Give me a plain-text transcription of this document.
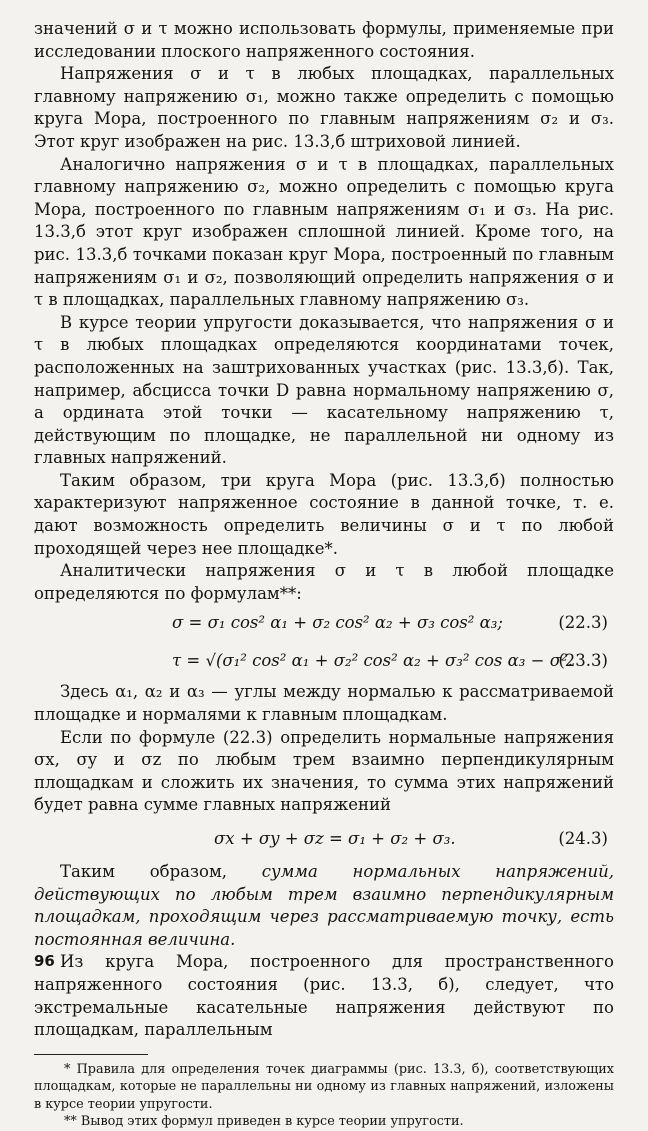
значений σ и τ можно использовать формулы, применяемые при исследовании плоского напряженного состояния.

Напряжения σ и τ в любых площадках, параллельных главному напряжению σ₁, можно также определить с помощью круга Мора, построенного по главным напряжениям σ₂ и σ₃. Этот круг изображен на рис. 13.3,б штриховой линией.

Аналогично напряжения σ и τ в площадках, параллельных главному напряжению σ₂, можно определить с помощью круга Мора, построенного по главным напряжениям σ₁ и σ₃. На рис. 13.3,б этот круг изображен сплошной линией. Кроме того, на рис. 13.3,б точками показан круг Мора, построенный по главным напряжениям σ₁ и σ₂, позволяющий определить напряжения σ и τ в площадках, параллельных главному напряжению σ₃.

В курсе теории упругости доказывается, что напряжения σ и τ в любых площадках определяются координатами точек, расположенных на заштрихованных участках (рис. 13.3,б). Так, например, абсцисса точки D равна нормальному напряжению σ, а ордината этой точки — касательному напряжению τ, действующим по площадке, не параллельной ни одному из главных напряжений.

Таким образом, три круга Мора (рис. 13.3,б) полностью характеризуют напряженное состояние в данной точке, т. е. дают возможность определить величины σ и τ по любой проходящей через нее площадке*.

Аналитически напряжения σ и τ в любой площадке определяются по формулам**:

σ = σ₁ cos² α₁ + σ₂ cos² α₂ + σ₃ cos² α₃;	(22.3)
τ = √(σ₁² cos² α₁ + σ₂² cos² α₂ + σ₃² cos α₃ − σ².
(23.3)

Здесь α₁, α₂ и α₃ — углы между нормалью к рассматриваемой площадке и нормалями к главным площадкам.

Если по формуле (22.3) определить нормальные напряжения σx, σy и σz по любым трем взаимно перпендикулярным площадкам и сложить их значения, то сумма этих напряжений будет равна сумме главных напряжений

σx + σy + σz = σ₁ + σ₂ + σ₃.	(24.3)

Таким образом, сумма нормальных напряжений, действующих по любым трем взаимно перпендикулярным площадкам, проходящим через рассматриваемую точку, есть постоянная величина.

Из круга Мора, построенного для пространственного напряженного состояния (рис. 13.3, б), следует, что экстремальные касательные напряжения действуют по площадкам, параллельным

* Правила для определения точек диаграммы (рис. 13.3, б), соответствующих площадкам, которые не параллельны ни одному из главных напряжений, изложены в курсе теории упругости.

** Вывод этих формул приведен в курсе теории упругости.

96
